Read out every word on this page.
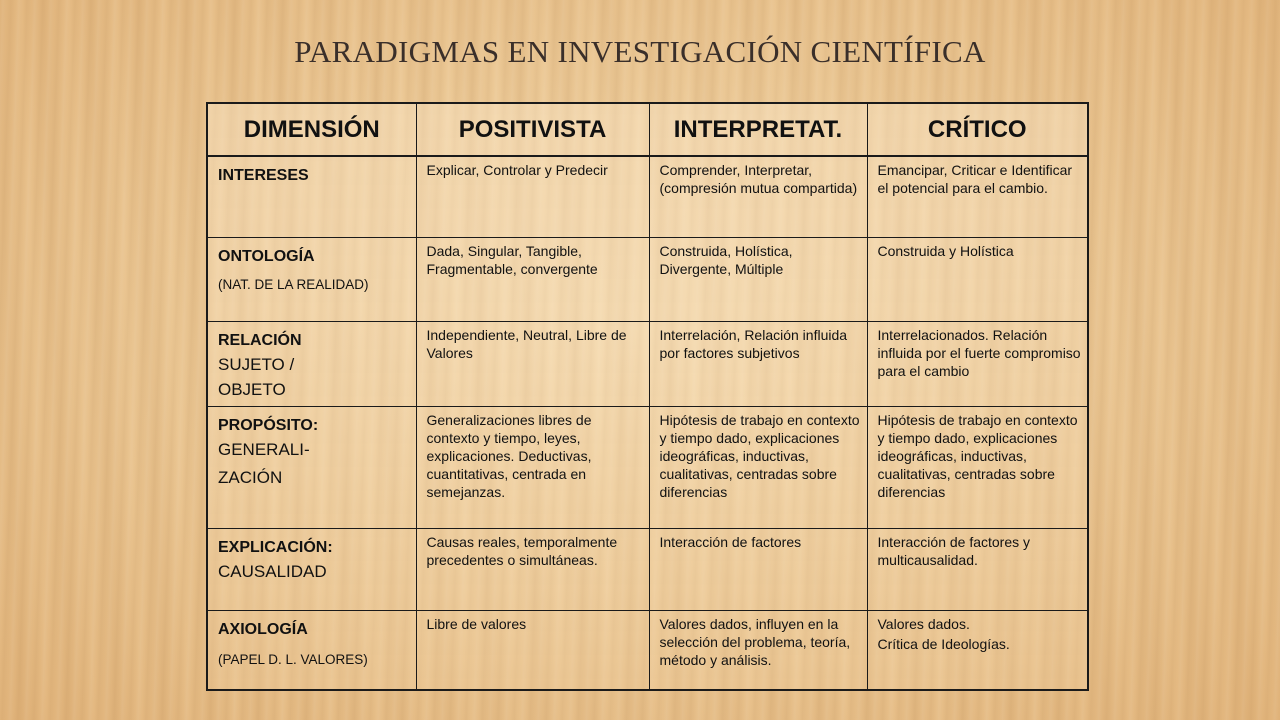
PARADIGMAS EN INVESTIGACIÓN CIENTÍFICA
DIMENSIÓN	POSITIVISTA	INTERPRETAT.	CRÍTICO

INTERESES	Explicar, Controlar y Predecir	Comprender, Interpretar, (compresión mutua compartida)	Emancipar, Criticar e Identificar el potencial para el cambio.

ONTOLOGÍA
(NAT. DE LA REALIDAD)	Dada, Singular, Tangible, Fragmentable, convergente	Construida, Holística, Divergente, Múltiple	Construida y Holística

RELACIÓN
SUJETO /
OBJETO	Independiente, Neutral, Libre de Valores	Interrelación, Relación influida por factores subjetivos	Interrelacionados. Relación influida por el fuerte compromiso para el cambio

PROPÓSITO:
GENERALI-
ZACIÓN	Generalizaciones libres de contexto y tiempo, leyes, explicaciones. Deductivas, cuantitativas, centrada en semejanzas.	Hipótesis de trabajo en contexto y tiempo dado, explicaciones ideográficas, inductivas, cualitativas, centradas sobre diferencias	Hipótesis de trabajo en contexto y tiempo dado, explicaciones ideográficas, inductivas, cualitativas, centradas sobre diferencias

EXPLICACIÓN:
CAUSALIDAD	Causas reales, temporalmente precedentes o simultáneas.	Interacción de factores	Interacción de factores y multicausalidad.

AXIOLOGÍA
(PAPEL D. L. VALORES)	Libre de valores	Valores dados, influyen en la selección del problema, teoría, método y análisis.	Valores dados.
Crítica de Ideologías.
